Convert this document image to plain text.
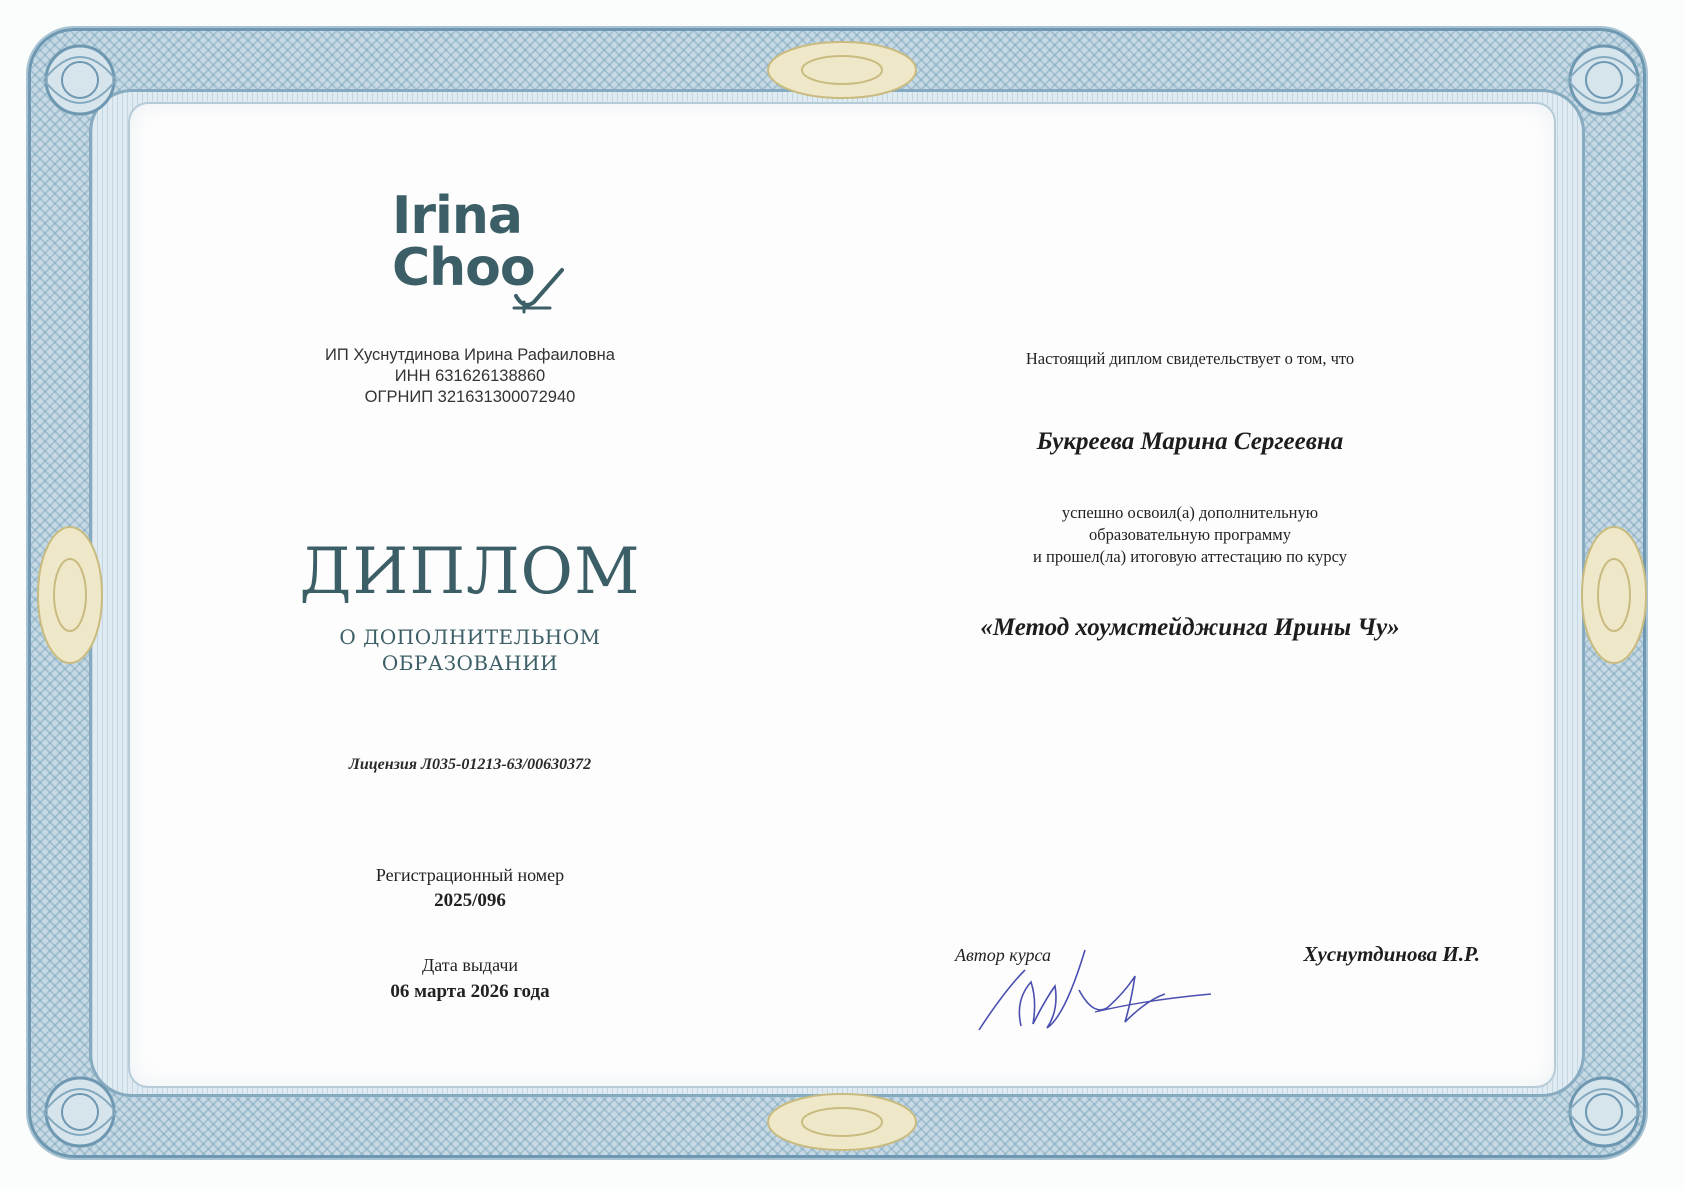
Irina
Choo
ИП Хуснутдинова Ирина Рафаиловна
ИНН 631626138860
ОГРНИП 321631300072940
ДИПЛОМ
О ДОПОЛНИТЕЛЬНОМ
ОБРАЗОВАНИИ
Лицензия Л035-01213-63/00630372
Регистрационный номер
2025/096
Дата выдачи
06 марта 2026 года
Настоящий диплом свидетельствует о том, что
Букреева Марина Сергеевна
успешно освоил(а) дополнительную
образовательную программу
и прошел(ла) итоговую аттестацию по курсу
«Метод хоумстейджинга Ирины Чу»
Автор курса	Хуснутдинова И.Р.
